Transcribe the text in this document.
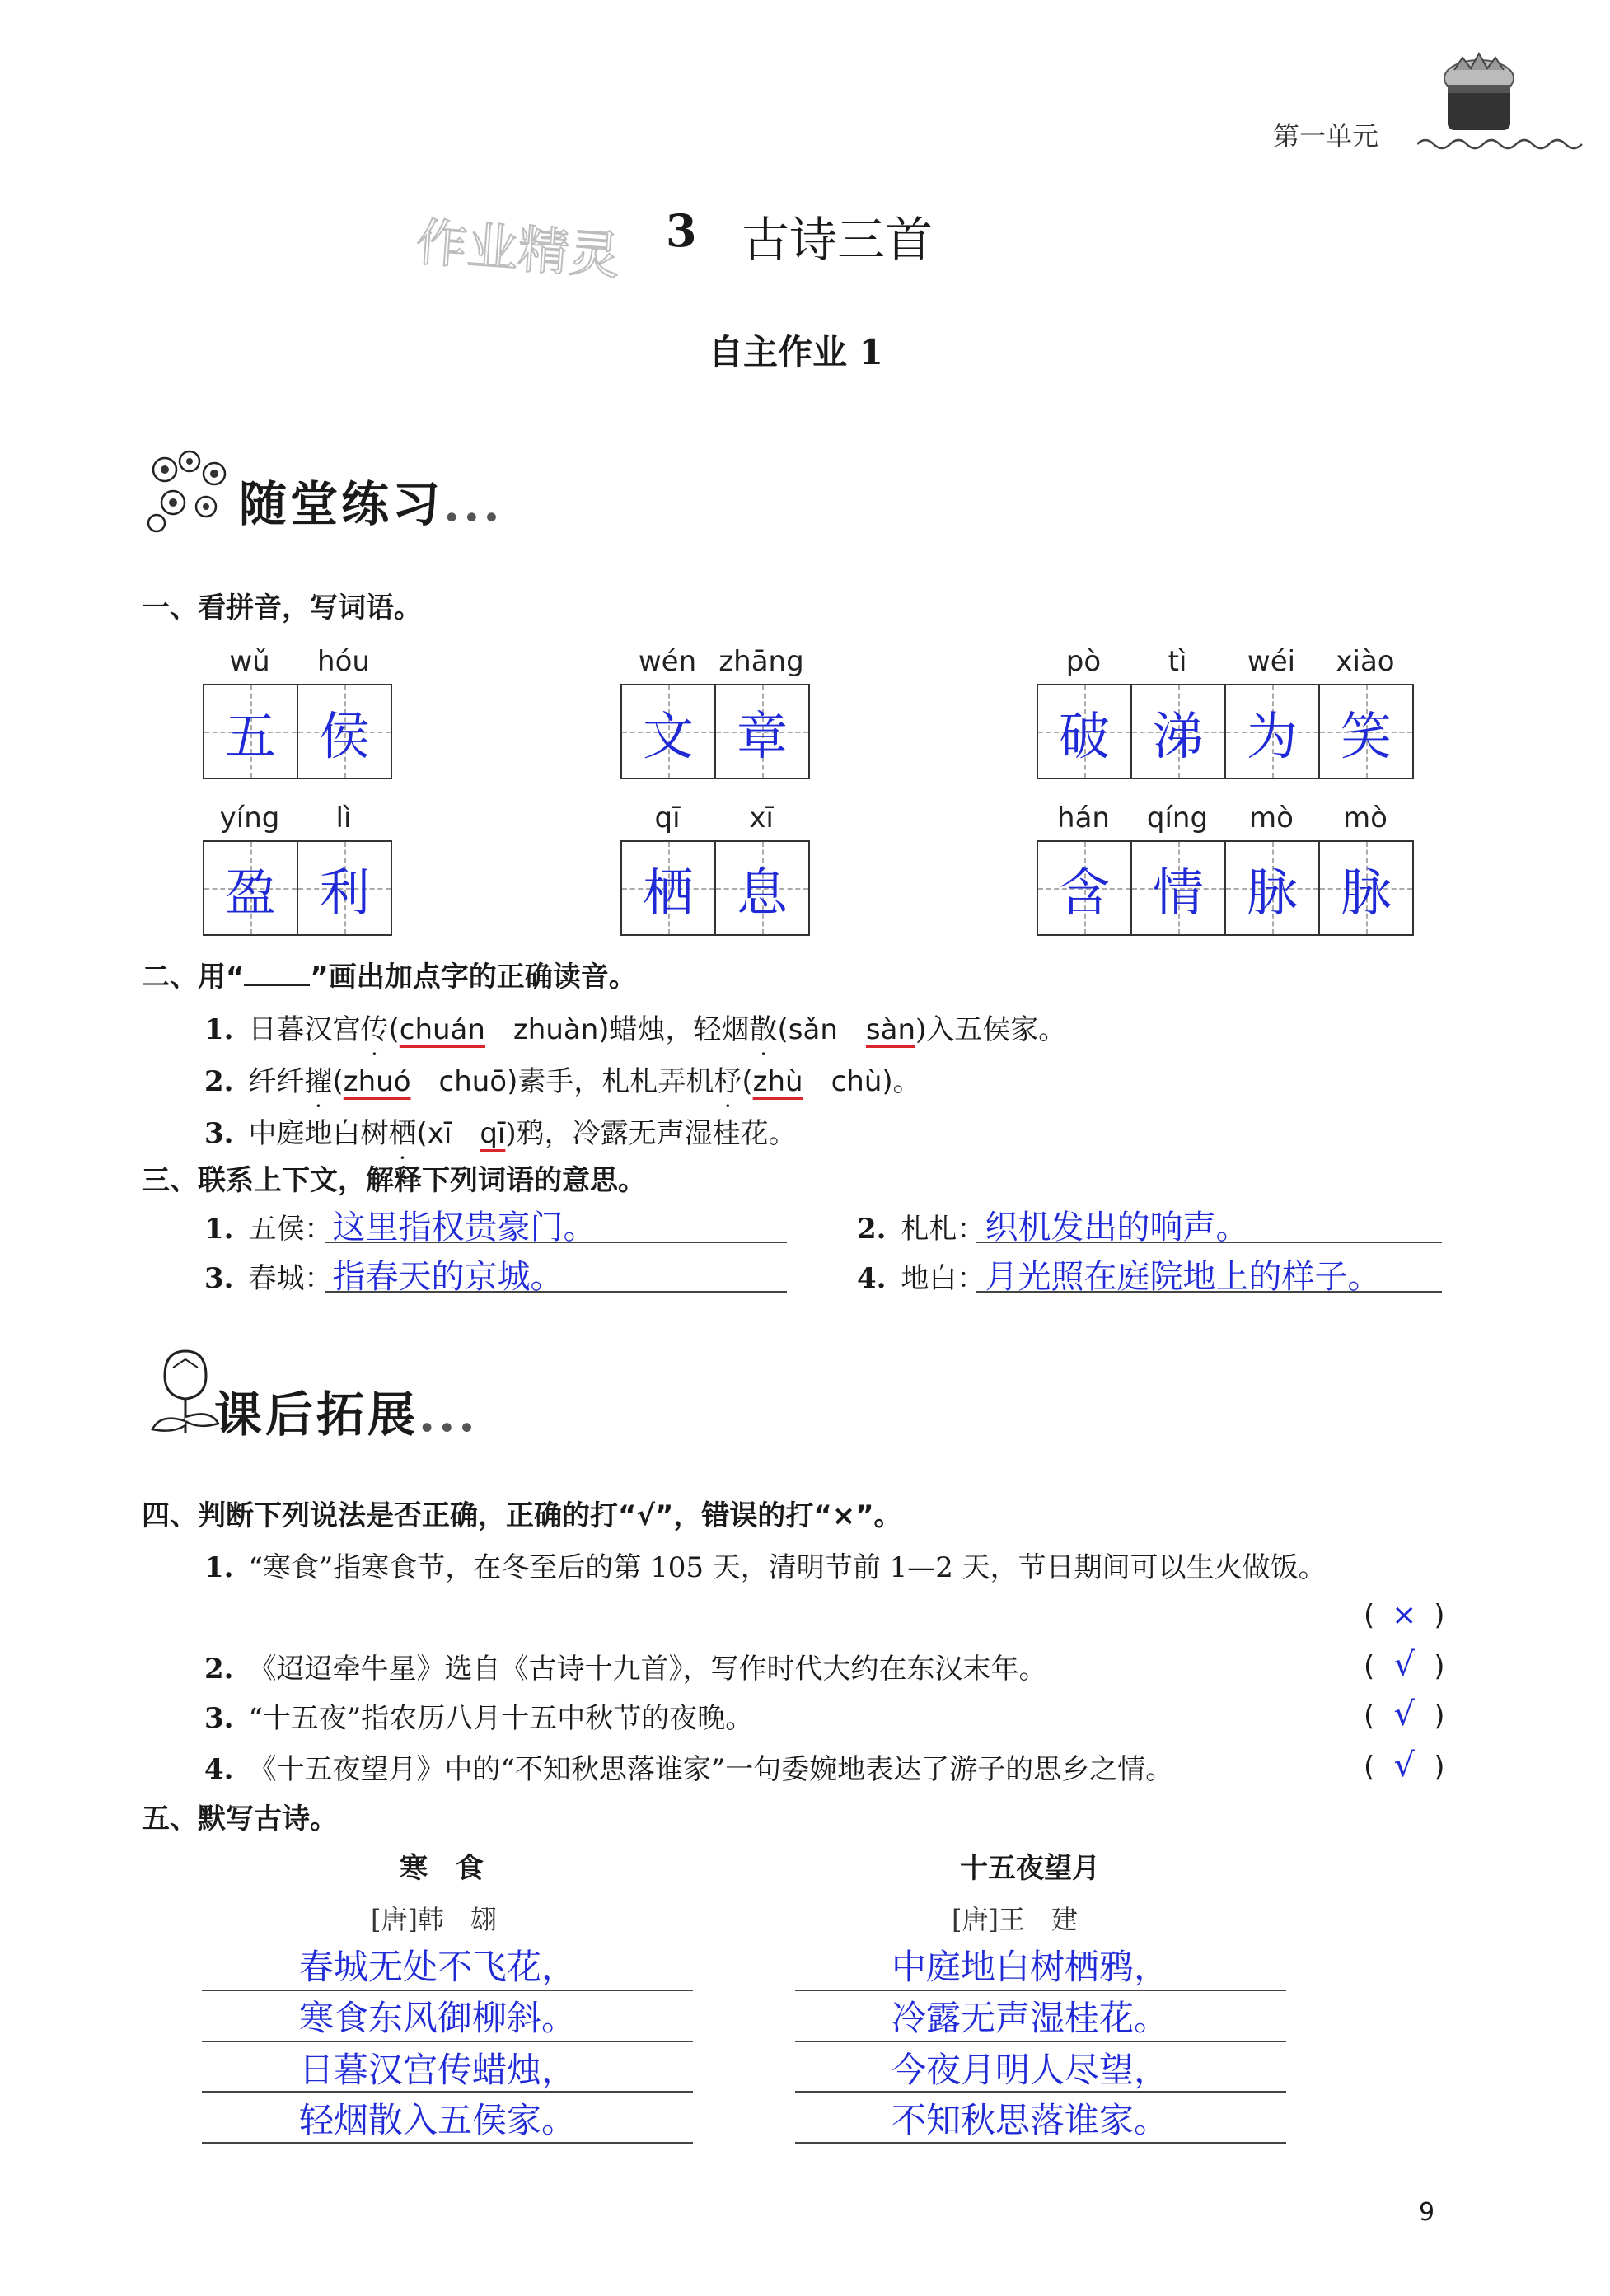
第一单元
作业精灵 3 古诗三首
自主作业 1
随堂练习...
一、看拼音，写词语。
wǔ	hóu
五 侯
wén zhāng
文 章
pò	tì	wéi	xiào
破 涕 为 笑
yíng	lì
盈 利
qī	xī
栖 息
hán	qíng	mò	mò
含 情 脉 脉
二、用“ ”画出加点字的正确读音。
1. 日暮汉宫传(chuán　zhuàn)蜡烛，轻烟散(sǎn　sàn)入五侯家。
2. 纤纤擢(zhuó　chuō)素手，札札弄机杼(zhù　chù)。
3. 中庭地白树栖(xī　qī)鸦，冷露无声湿桂花。
三、联系上下文，解释下列词语的意思。
1. 五侯：这里指权贵豪门。	2. 札札：织机发出的响声。
3. 春城：指春天的京城。	4. 地白：月光照在庭院地上的样子。
课后拓展...
四、判断下列说法是否正确，正确的打“√”，错误的打“×”。
1. “寒食”指寒食节，在冬至后的第 105 天，清明节前 1—2 天，节日期间可以生火做饭。
( × )
2. 《迢迢牵牛星》选自《古诗十九首》，写作时代大约在东汉末年。	( √ )
3. “十五夜”指农历八月十五中秋节的夜晚。	( √ )
4. 《十五夜望月》中的“不知秋思落谁家”一句委婉地表达了游子的思乡之情。	( √ )
五、默写古诗。
寒　食
[唐]韩　翃
春城无处不飞花，
寒食东风御柳斜。
日暮汉宫传蜡烛，
轻烟散入五侯家。
十五夜望月
[唐]王　建
中庭地白树栖鸦，
冷露无声湿桂花。
今夜月明人尽望，
不知秋思落谁家。
9
